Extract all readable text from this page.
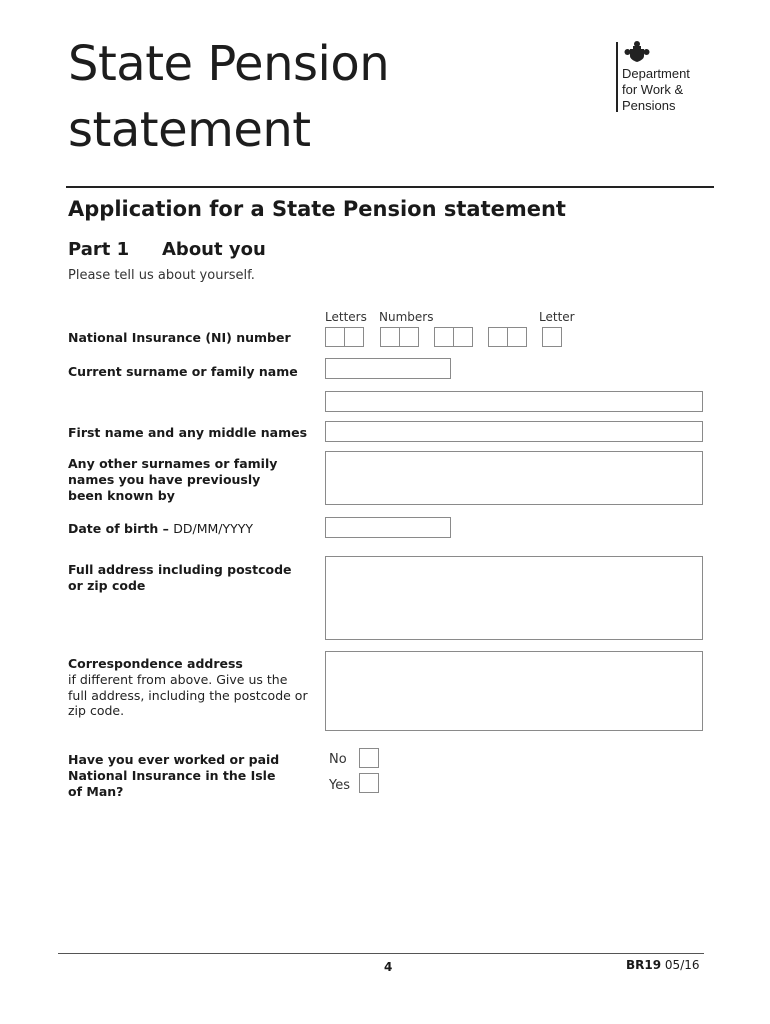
State Pension
statement
Department
for Work &
Pensions
Application for a State Pension statement
Part 1 About you
Please tell us about yourself.
Letters Numbers	Letter
National Insurance (NI) number
Current surname or family name
First name and any middle names
Any other surnames or family names you have previously been known by
Date of birth – DD/MM/YYYY
Full address including postcode or zip code
Correspondence address
if different from above. Give us the full address, including the postcode or zip code.
Have you ever worked or paid National Insurance in the Isle of Man?
No
Yes
4	BR19 05/16
